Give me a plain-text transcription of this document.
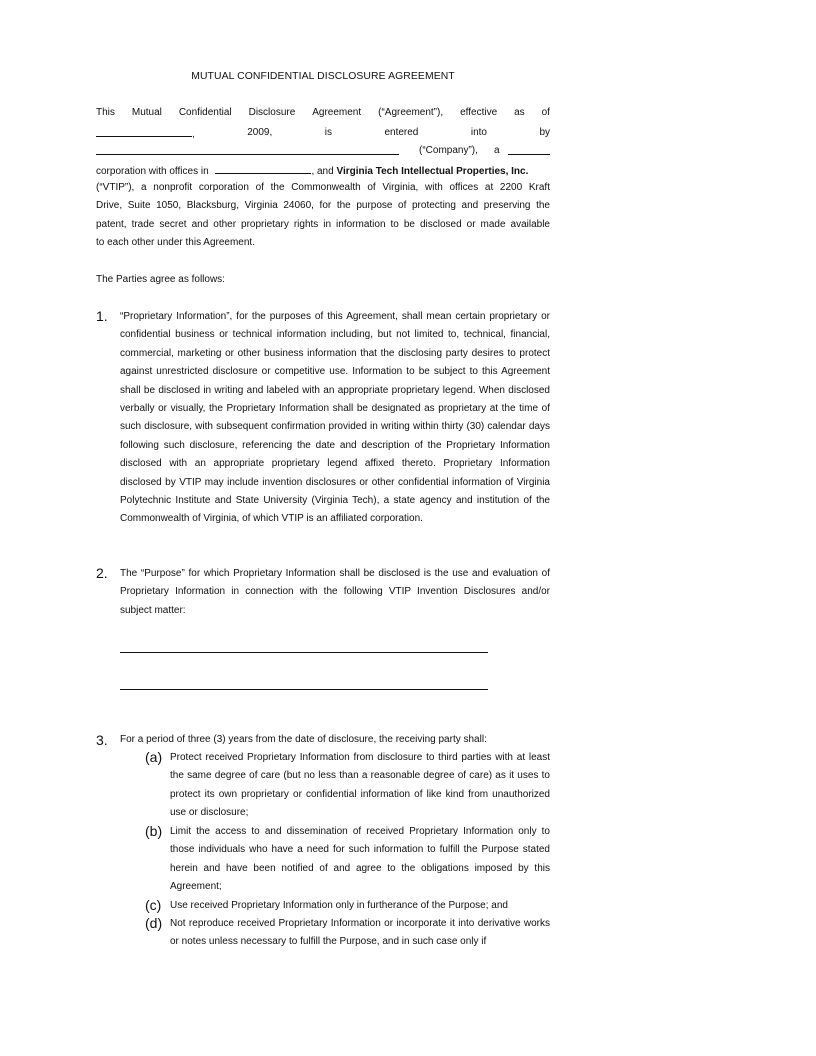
MUTUAL CONFIDENTIAL DISCLOSURE AGREEMENT
This Mutual Confidential Disclosure Agreement (“Agreement”), effective as of
,	2009,	is	entered	into	by
(“Company”), a
corporation with offices in	, and Virginia Tech Intellectual Properties, Inc.
(“VTIP”), a nonprofit corporation of the Commonwealth of Virginia, with offices at 2200 Kraft
Drive, Suite 1050, Blacksburg, Virginia 24060, for the purpose of protecting and preserving the
patent, trade secret and other proprietary rights in information to be disclosed or made available
to each other under this Agreement.
The Parties agree as follows:
1. “Proprietary Information”, for the purposes of this Agreement, shall mean certain proprietary or confidential business or technical information including, but not limited to, technical, financial, commercial, marketing or other business information that the disclosing party desires to protect against unrestricted disclosure or competitive use. Information to be subject to this Agreement shall be disclosed in writing and labeled with an appropriate proprietary legend. When disclosed verbally or visually, the Proprietary Information shall be designated as proprietary at the time of such disclosure, with subsequent confirmation provided in writing within thirty (30) calendar days following such disclosure, referencing the date and description of the Proprietary Information disclosed with an appropriate proprietary legend affixed thereto. Proprietary Information disclosed by VTIP may include invention disclosures or other confidential information of Virginia Polytechnic Institute and State University (Virginia Tech), a state agency and institution of the Commonwealth of Virginia, of which VTIP is an affiliated corporation.
2. The “Purpose” for which Proprietary Information shall be disclosed is the use and evaluation of Proprietary Information in connection with the following VTIP Invention Disclosures and/or subject matter:
3. For a period of three (3) years from the date of disclosure, the receiving party shall:
(a) Protect received Proprietary Information from disclosure to third parties with at least the same degree of care (but no less than a reasonable degree of care) as it uses to protect its own proprietary or confidential information of like kind from unauthorized use or disclosure;
(b) Limit the access to and dissemination of received Proprietary Information only to those individuals who have a need for such information to fulfill the Purpose stated herein and have been notified of and agree to the obligations imposed by this Agreement;
(c) Use received Proprietary Information only in furtherance of the Purpose; and
(d) Not reproduce received Proprietary Information or incorporate it into derivative works or notes unless necessary to fulfill the Purpose, and in such case only if
